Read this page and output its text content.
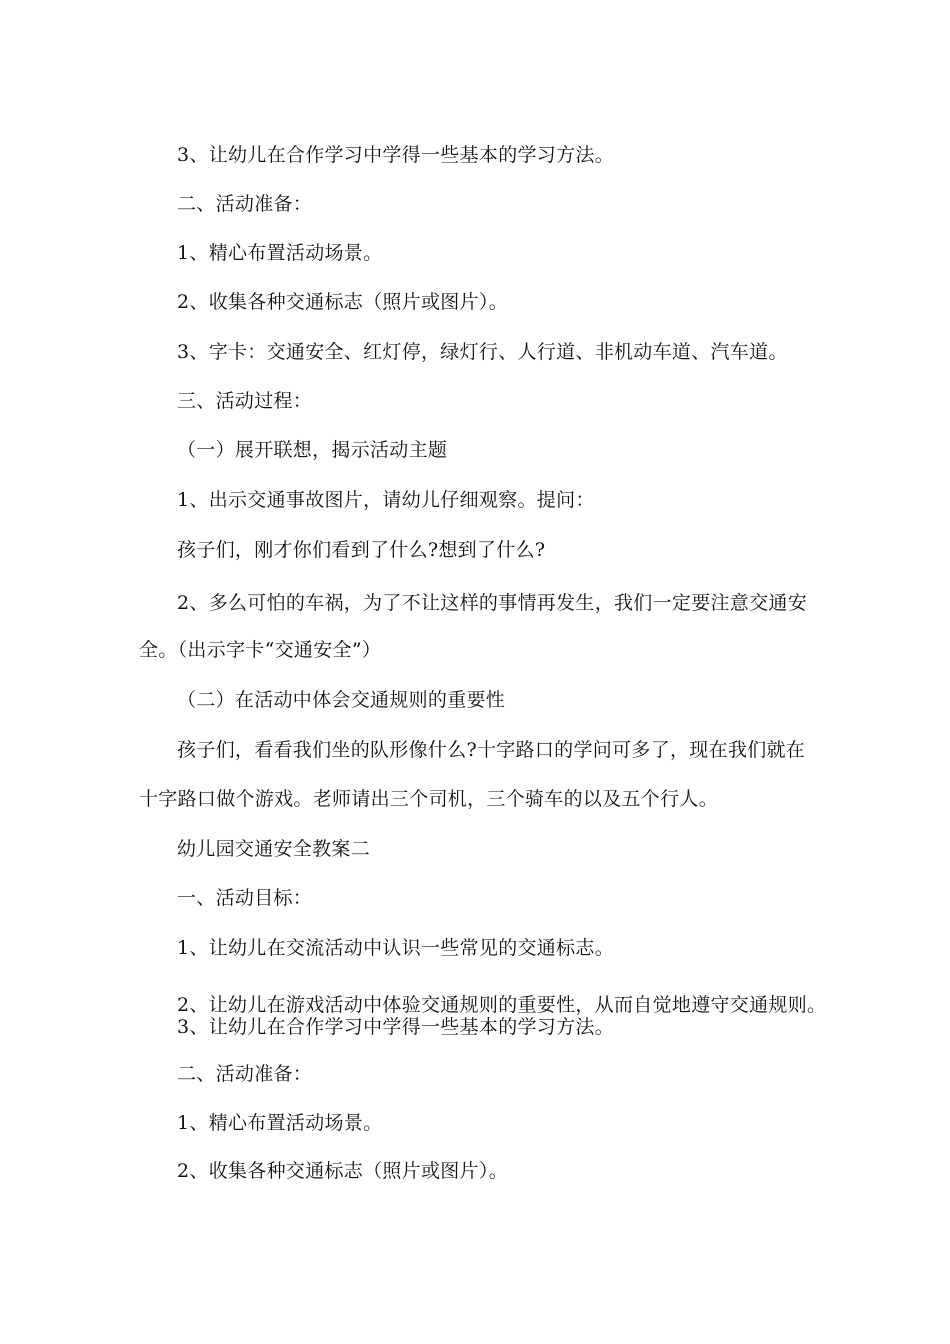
3、让幼儿在合作学习中学得一些基本的学习方法。
二、活动准备：
1、精心布置活动场景。
2、收集各种交通标志（照片或图片）。
3、字卡：交通安全、红灯停，绿灯行、人行道、非机动车道、汽车道。
三、活动过程：
（一）展开联想，揭示活动主题
1、出示交通事故图片，请幼儿仔细观察。提问：
孩子们，刚才你们看到了什么?想到了什么?
2、多么可怕的车祸，为了不让这样的事情再发生，我们一定要注意交通安
全。（出示字卡“交通安全”）
（二）在活动中体会交通规则的重要性
孩子们，看看我们坐的队形像什么?十字路口的学问可多了，现在我们就在
十字路口做个游戏。老师请出三个司机，三个骑车的以及五个行人。
幼儿园交通安全教案二
一、活动目标：
1、让幼儿在交流活动中认识一些常见的交通标志。
2、让幼儿在游戏活动中体验交通规则的重要性，从而自觉地遵守交通规则。
3、让幼儿在合作学习中学得一些基本的学习方法。
二、活动准备：
1、精心布置活动场景。
2、收集各种交通标志（照片或图片）。
